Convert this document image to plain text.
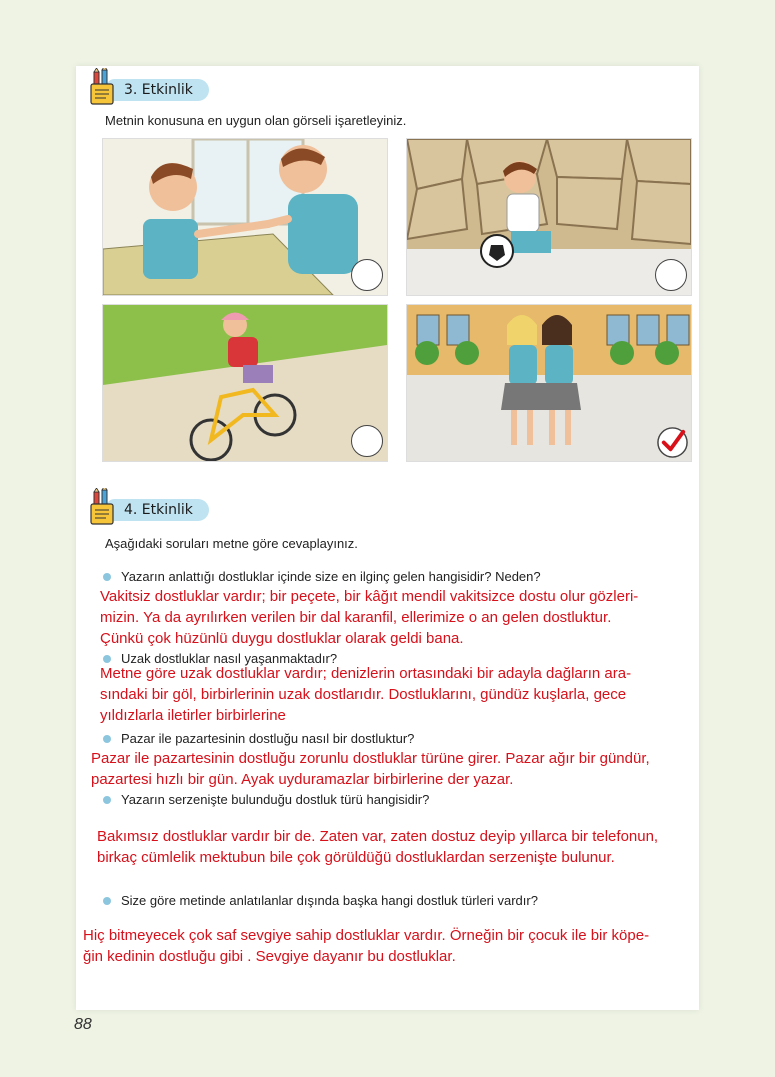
3. Etkinlik
Metnin konusuna en uygun olan görseli işaretleyiniz.
4. Etkinlik
Aşağıdaki soruları metne göre cevaplayınız.
Yazarın anlattığı dostluklar içinde size en ilginç gelen hangisidir? Neden?
Vakitsiz dostluklar vardır; bir peçete, bir kâğıt mendil vakitsizce dostu olur gözleri-
mizin. Ya da ayrılırken verilen bir dal karanfil, ellerimize o an gelen dostluktur.
Çünkü çok hüzünlü duygu dostluklar olarak geldi bana.
Uzak dostluklar nasıl yaşanmaktadır?
Metne göre uzak dostluklar vardır; denizlerin ortasındaki bir adayla dağların ara-
sındaki bir göl, birbirlerinin uzak dostlarıdır. Dostluklarını, gündüz kuşlarla, gece
yıldızlarla iletirler birbirlerine
Pazar ile pazartesinin dostluğu nasıl bir dostluktur?
Pazar ile pazartesinin dostluğu zorunlu dostluklar türüne girer. Pazar ağır bir gündür,
pazartesi hızlı bir gün. Ayak uyduramazlar birbirlerine der yazar.
Yazarın serzenişte bulunduğu dostluk türü hangisidir?
Bakımsız dostluklar vardır bir de. Zaten var, zaten dostuz deyip yıllarca bir telefonun,
birkaç cümlelik mektubun bile çok görüldüğü dostluklardan serzenişte bulunur.
Size göre metinde anlatılanlar dışında başka hangi dostluk türleri vardır?
Hiç bitmeyecek çok saf sevgiye sahip dostluklar vardır. Örneğin bir çocuk ile bir köpe-
ğin kedinin dostluğu gibi . Sevgiye dayanır bu dostluklar.
88
